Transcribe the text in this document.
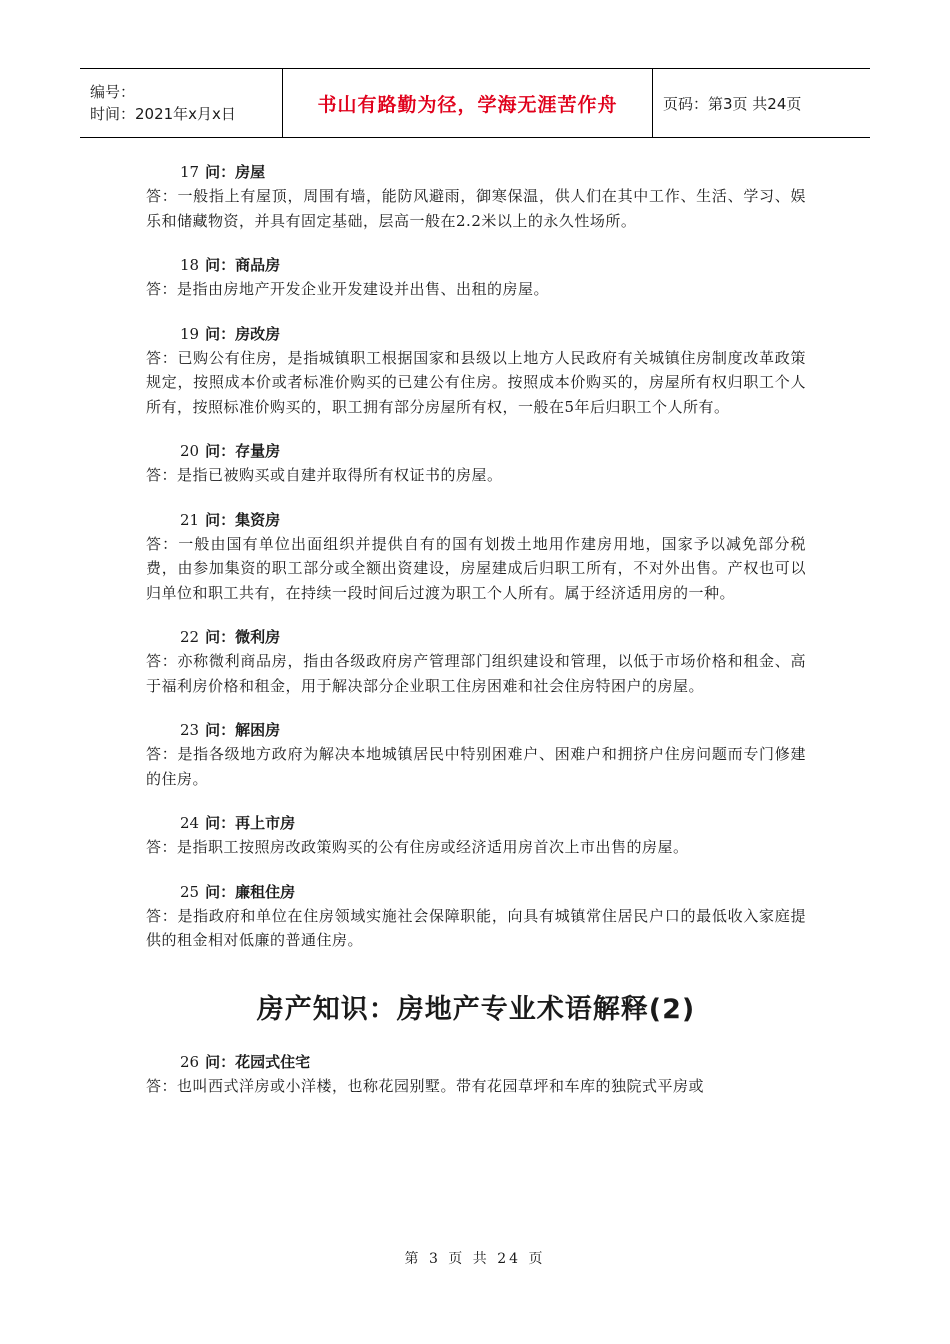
编号：
时间：2021年x月x日	书山有路勤为径，学海无涯苦作舟	页码：第3页 共24页
17 问：房屋
答：一般指上有屋顶，周围有墙，能防风避雨，御寒保温，供人们在其中工作、生活、学习、娱乐和储藏物资，并具有固定基础，层高一般在2.2米以上的永久性场所。
18 问：商品房
答：是指由房地产开发企业开发建设并出售、出租的房屋。
19 问：房改房
答：已购公有住房，是指城镇职工根据国家和县级以上地方人民政府有关城镇住房制度改革政策规定，按照成本价或者标准价购买的已建公有住房。按照成本价购买的，房屋所有权归职工个人所有，按照标准价购买的，职工拥有部分房屋所有权，一般在5年后归职工个人所有。
20 问：存量房
答：是指已被购买或自建并取得所有权证书的房屋。
21 问：集资房
答：一般由国有单位出面组织并提供自有的国有划拨土地用作建房用地，国家予以减免部分税费，由参加集资的职工部分或全额出资建设，房屋建成后归职工所有，不对外出售。产权也可以归单位和职工共有，在持续一段时间后过渡为职工个人所有。属于经济适用房的一种。
22 问：微利房
答：亦称微利商品房，指由各级政府房产管理部门组织建设和管理，以低于市场价格和租金、高于福利房价格和租金，用于解决部分企业职工住房困难和社会住房特困户的房屋。
23 问：解困房
答：是指各级地方政府为解决本地城镇居民中特别困难户、困难户和拥挤户住房问题而专门修建的住房。
24 问：再上市房
答：是指职工按照房改政策购买的公有住房或经济适用房首次上市出售的房屋。
25 问：廉租住房
答：是指政府和单位在住房领域实施社会保障职能，向具有城镇常住居民户口的最低收入家庭提供的租金相对低廉的普通住房。
房产知识：房地产专业术语解释(2)
26 问：花园式住宅
答：也叫西式洋房或小洋楼，也称花园别墅。带有花园草坪和车库的独院式平房或
第 3 页 共 24 页
